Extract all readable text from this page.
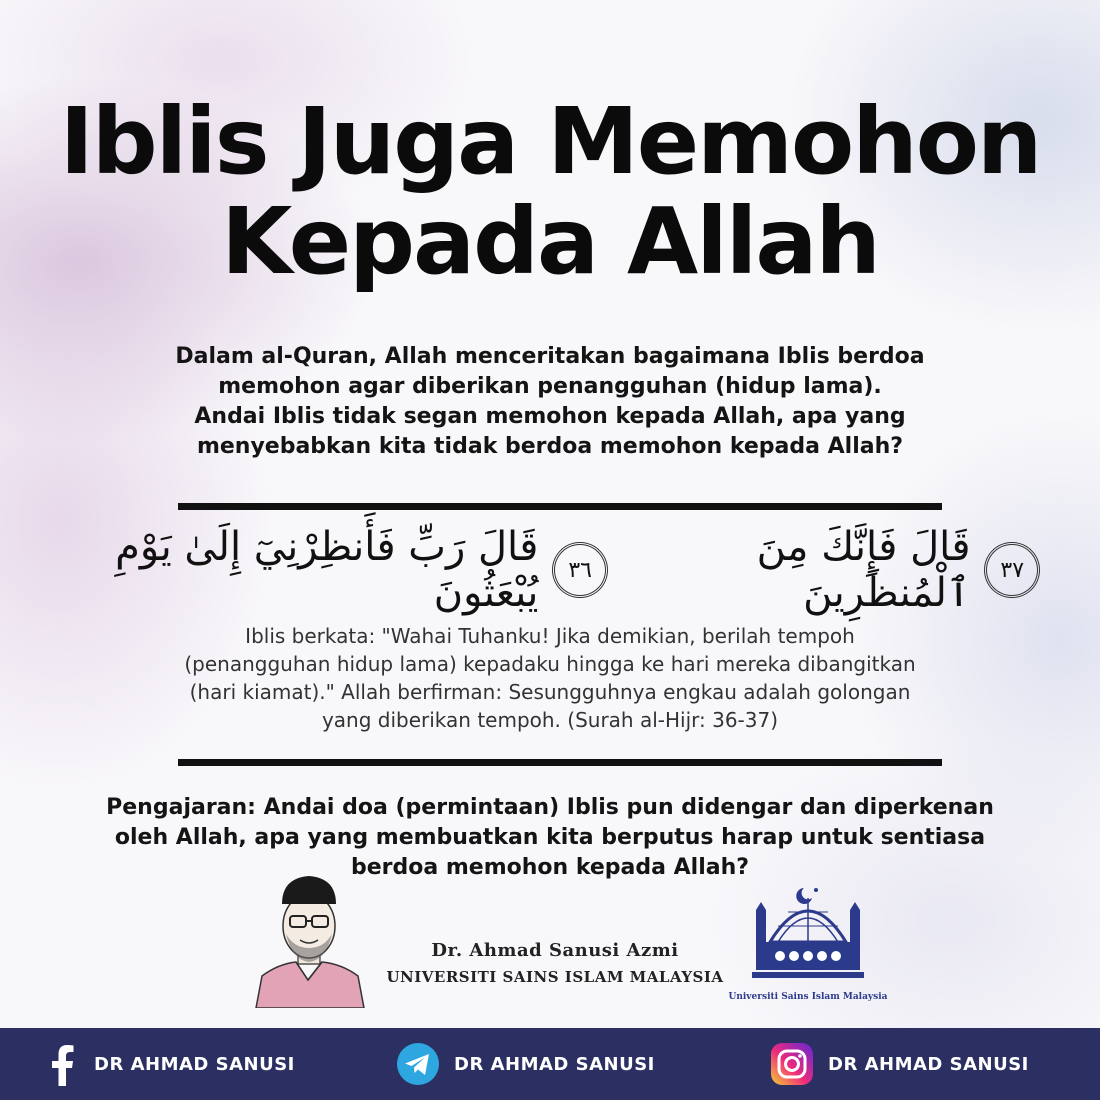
Iblis Juga Memohon
Kepada Allah
Dalam al-Quran, Allah menceritakan bagaimana Iblis berdoa
memohon agar diberikan penangguhan (hidup lama).
Andai Iblis tidak segan memohon kepada Allah, apa yang
menyebabkan kita tidak berdoa memohon kepada Allah?
قَالَ رَبِّ فَأَنظِرْنِيٓ إِلَىٰ يَوْمِ يُبْعَثُونَ	٣٦	قَالَ فَإِنَّكَ مِنَ ٱلْمُنظَرِينَ	٣٧
Iblis berkata: "Wahai Tuhanku! Jika demikian, berilah tempoh
(penangguhan hidup lama) kepadaku hingga ke hari mereka dibangitkan
(hari kiamat)." Allah berfirman: Sesungguhnya engkau adalah golongan
yang diberikan tempoh. (Surah al-Hijr: 36-37)
Pengajaran: Andai doa (permintaan) Iblis pun didengar dan diperkenan
oleh Allah, apa yang membuatkan kita berputus harap untuk sentiasa
berdoa memohon kepada Allah?
Dr. Ahmad Sanusi Azmi
UNIVERSITI SAINS ISLAM MALAYSIA
Universiti Sains Islam Malaysia
DR AHMAD SANUSI	DR AHMAD SANUSI	DR AHMAD SANUSI
